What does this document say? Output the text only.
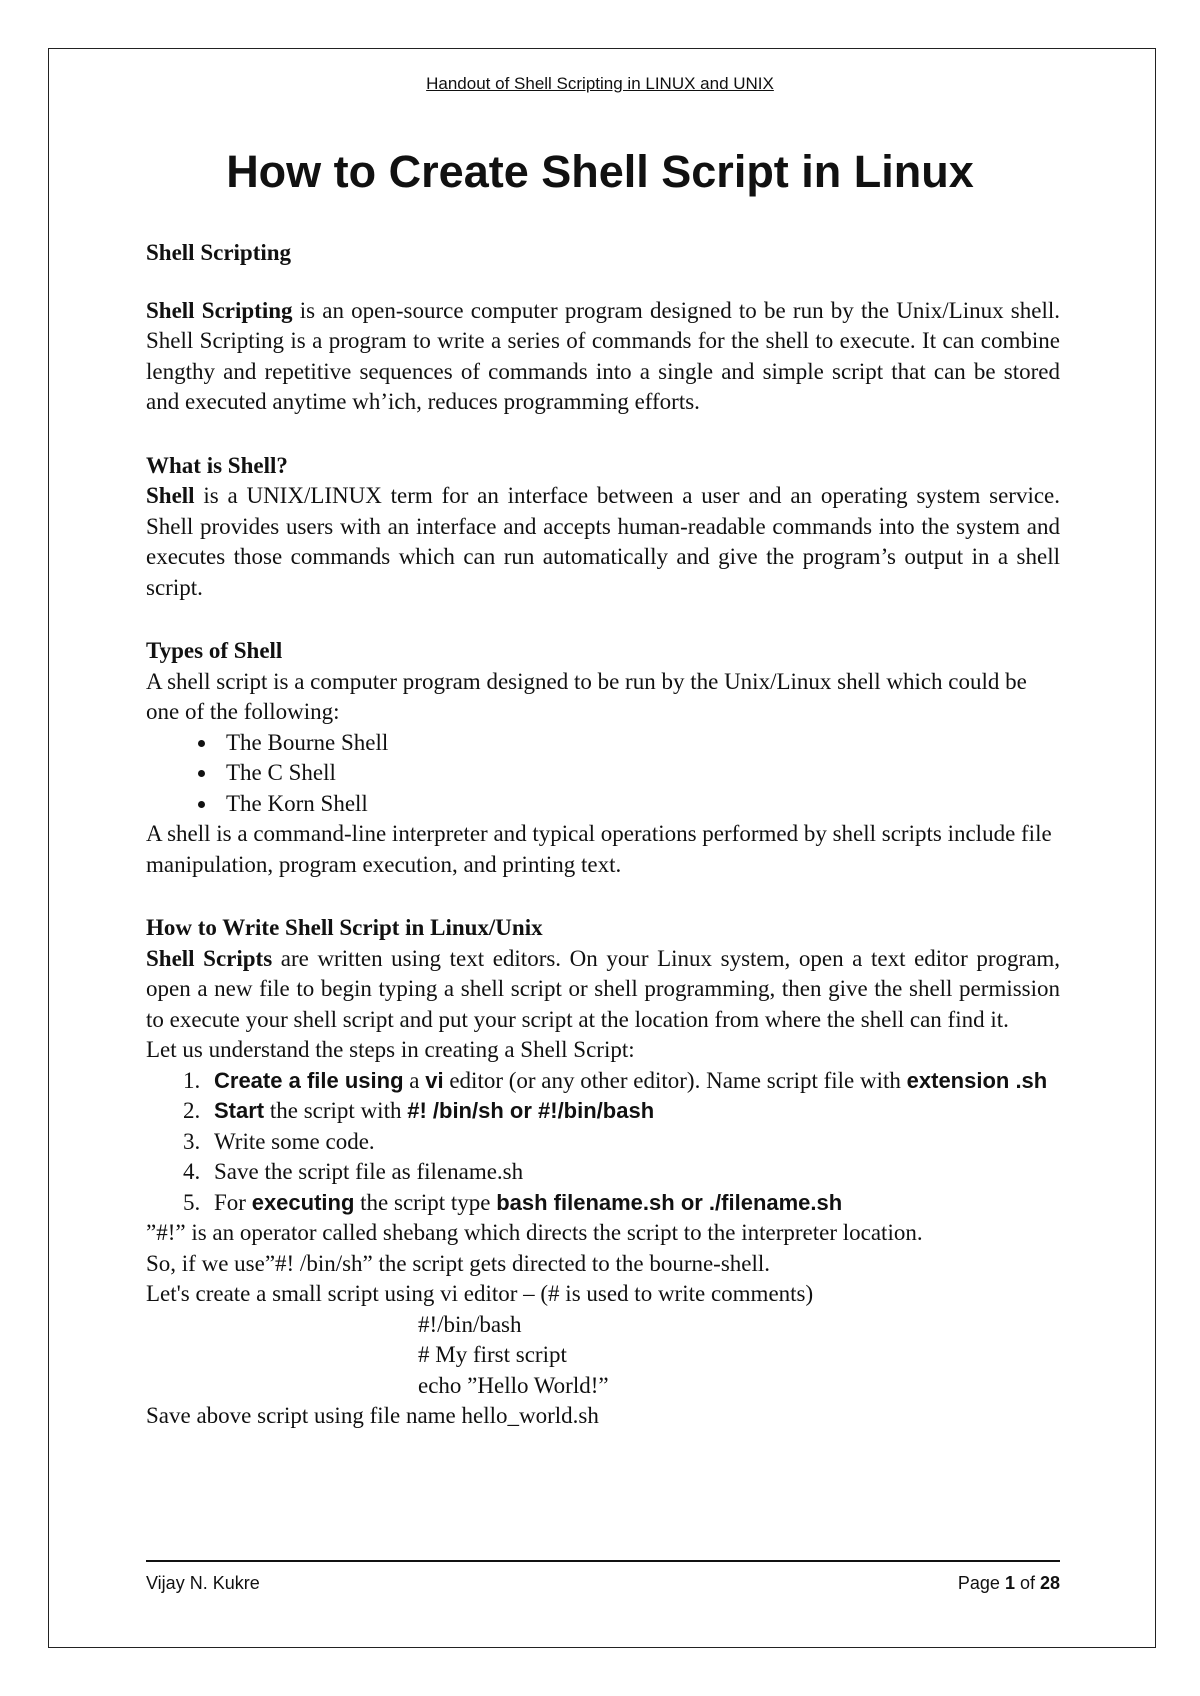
Handout of Shell Scripting in LINUX and UNIX
How to Create Shell Script in Linux

Shell Scripting

Shell Scripting is an open-source computer program designed to be run by the Unix/Linux shell. Shell Scripting is a program to write a series of commands for the shell to execute. It can combine lengthy and repetitive sequences of commands into a single and simple script that can be stored and executed anytime wh’ich, reduces programming efforts.

What is Shell?

Shell is a UNIX/LINUX term for an interface between a user and an operating system service. Shell provides users with an interface and accepts human-readable commands into the system and executes those commands which can run automatically and give the program’s output in a shell script.

Types of Shell

A shell script is a computer program designed to be run by the Unix/Linux shell which could be one of the following:

• The Bourne Shell
• The C Shell
• The Korn Shell

A shell is a command-line interpreter and typical operations performed by shell scripts include file manipulation, program execution, and printing text.

How to Write Shell Script in Linux/Unix

Shell Scripts are written using text editors. On your Linux system, open a text editor program, open a new file to begin typing a shell script or shell programming, then give the shell permission to execute your shell script and put your script at the location from where the shell can find it.

Let us understand the steps in creating a Shell Script:

1. Create a file using a vi editor (or any other editor). Name script file with extension .sh
2. Start the script with #! /bin/sh or #!/bin/bash
3. Write some code.
4. Save the script file as filename.sh
5. For executing the script type bash filename.sh or ./filename.sh

”#!” is an operator called shebang which directs the script to the interpreter location.

So, if we use”#! /bin/sh” the script gets directed to the bourne-shell.

Let's create a small script using vi editor – (# is used to write comments)

#!/bin/bash

# My first script

echo ”Hello World!”

Save above script using file name hello_world.sh

Vijay N. Kukre	Page 1 of 28
